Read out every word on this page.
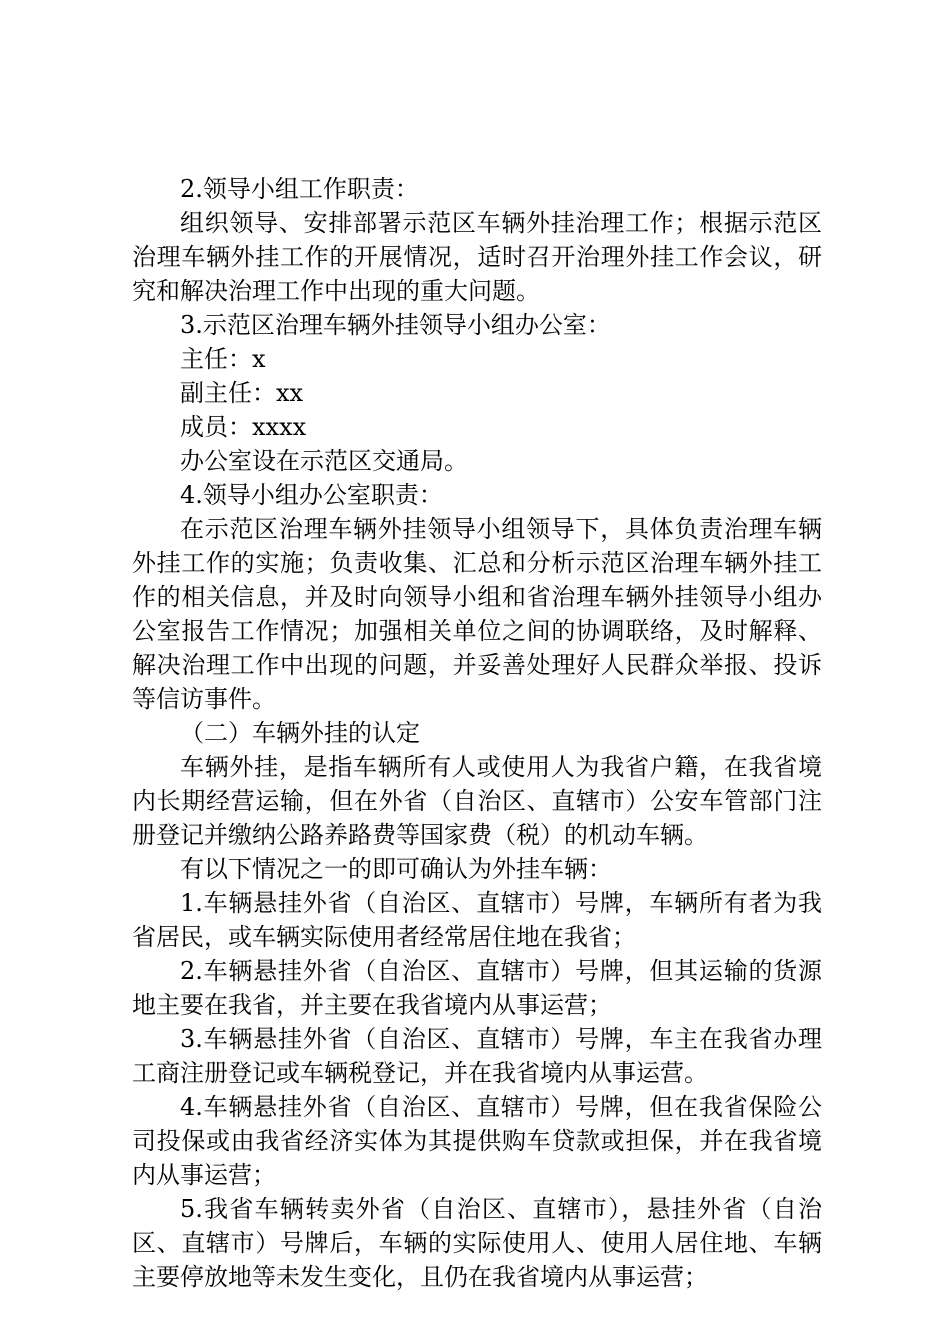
2.领导小组工作职责：

组织领导、安排部署示范区车辆外挂治理工作；根据示范区治理车辆外挂工作的开展情况，适时召开治理外挂工作会议，研究和解决治理工作中出现的重大问题。

3.示范区治理车辆外挂领导小组办公室：

主任：x

副主任：xx

成员：xxxx

办公室设在示范区交通局。

4.领导小组办公室职责：

在示范区治理车辆外挂领导小组领导下，具体负责治理车辆外挂工作的实施；负责收集、汇总和分析示范区治理车辆外挂工作的相关信息，并及时向领导小组和省治理车辆外挂领导小组办公室报告工作情况；加强相关单位之间的协调联络，及时解释、解决治理工作中出现的问题，并妥善处理好人民群众举报、投诉等信访事件。

（二）车辆外挂的认定

车辆外挂，是指车辆所有人或使用人为我省户籍，在我省境内长期经营运输，但在外省（自治区、直辖市）公安车管部门注册登记并缴纳公路养路费等国家费（税）的机动车辆。

有以下情况之一的即可确认为外挂车辆：

1.车辆悬挂外省（自治区、直辖市）号牌，车辆所有者为我省居民，或车辆实际使用者经常居住地在我省；

2.车辆悬挂外省（自治区、直辖市）号牌，但其运输的货源地主要在我省，并主要在我省境内从事运营；

3.车辆悬挂外省（自治区、直辖市）号牌，车主在我省办理工商注册登记或车辆税登记，并在我省境内从事运营。

4.车辆悬挂外省（自治区、直辖市）号牌，但在我省保险公司投保或由我省经济实体为其提供购车贷款或担保，并在我省境内从事运营；

5.我省车辆转卖外省（自治区、直辖市），悬挂外省（自治区、直辖市）号牌后，车辆的实际使用人、使用人居住地、车辆主要停放地等未发生变化，且仍在我省境内从事运营；
